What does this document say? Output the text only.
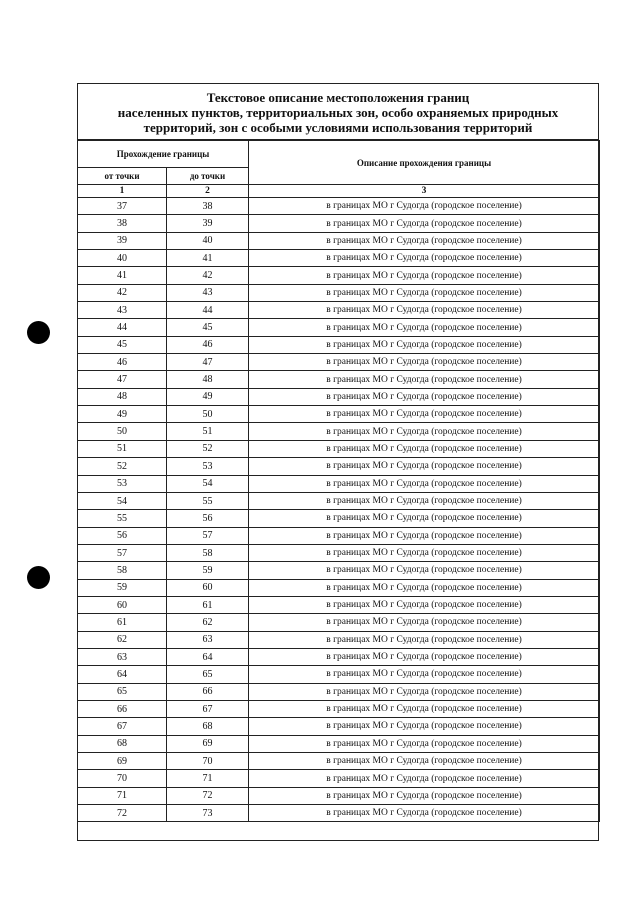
Текстовое описание местоположения границ
населенных пунктов, территориальных зон, особо охраняемых природных
территорий, зон с особыми условиями использования территорий
Прохождение границы		Описание прохождения границы
от точки	до точки	
1	2	3
37	38	в границах МО г Судогда (городское поселение)
38	39	в границах МО г Судогда (городское поселение)
39	40	в границах МО г Судогда (городское поселение)
40	41	в границах МО г Судогда (городское поселение)
41	42	в границах МО г Судогда (городское поселение)
42	43	в границах МО г Судогда (городское поселение)
43	44	в границах МО г Судогда (городское поселение)
44	45	в границах МО г Судогда (городское поселение)
45	46	в границах МО г Судогда (городское поселение)
46	47	в границах МО г Судогда (городское поселение)
47	48	в границах МО г Судогда (городское поселение)
48	49	в границах МО г Судогда (городское поселение)
49	50	в границах МО г Судогда (городское поселение)
50	51	в границах МО г Судогда (городское поселение)
51	52	в границах МО г Судогда (городское поселение)
52	53	в границах МО г Судогда (городское поселение)
53	54	в границах МО г Судогда (городское поселение)
54	55	в границах МО г Судогда (городское поселение)
55	56	в границах МО г Судогда (городское поселение)
56	57	в границах МО г Судогда (городское поселение)
57	58	в границах МО г Судогда (городское поселение)
58	59	в границах МО г Судогда (городское поселение)
59	60	в границах МО г Судогда (городское поселение)
60	61	в границах МО г Судогда (городское поселение)
61	62	в границах МО г Судогда (городское поселение)
62	63	в границах МО г Судогда (городское поселение)
63	64	в границах МО г Судогда (городское поселение)
64	65	в границах МО г Судогда (городское поселение)
65	66	в границах МО г Судогда (городское поселение)
66	67	в границах МО г Судогда (городское поселение)
67	68	в границах МО г Судогда (городское поселение)
68	69	в границах МО г Судогда (городское поселение)
69	70	в границах МО г Судогда (городское поселение)
70	71	в границах МО г Судогда (городское поселение)
71	72	в границах МО г Судогда (городское поселение)
72	73	в границах МО г Судогда (городское поселение)
